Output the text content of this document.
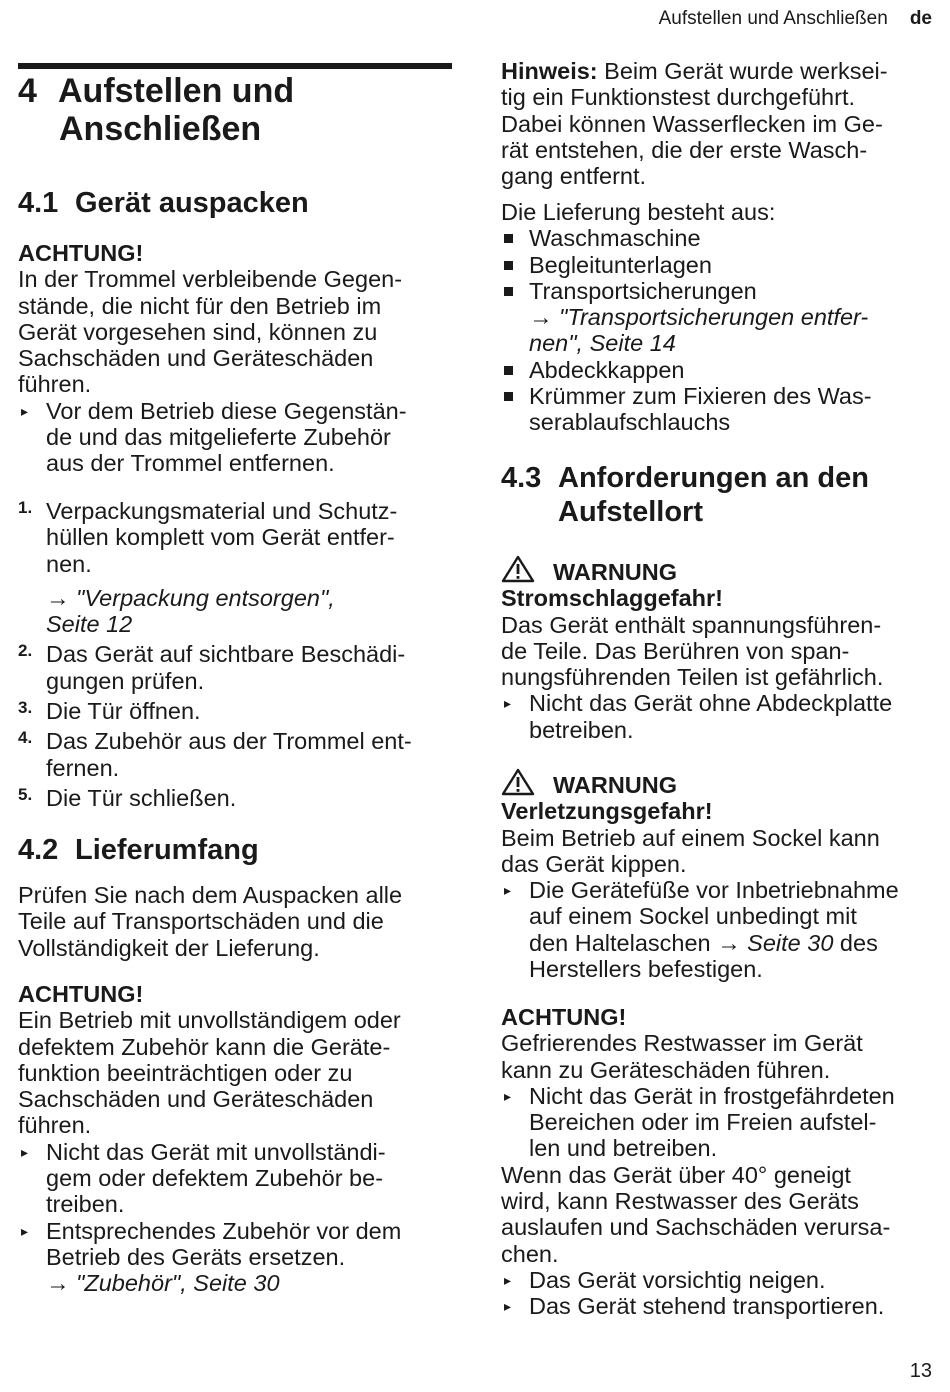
Aufstellen und Anschließen de
4 Aufstellen und
Anschließen
4.1 Gerät auspacken

ACHTUNG!

In der Trommel verbleibende Gegen-

stände, die nicht für den Betrieb im

Gerät vorgesehen sind, können zu

Sachschäden und Geräteschäden

führen.

▸ Vor dem Betrieb diese Gegenstän-

de und das mitgelieferte Zubehör

aus der Trommel entfernen.

1. Verpackungsmaterial und Schutz-

hüllen komplett vom Gerät entfer-

nen.

→ "Verpackung entsorgen",

Seite 12

2. Das Gerät auf sichtbare Beschädi-

gungen prüfen.

3. Die Tür öffnen.

4. Das Zubehör aus der Trommel ent-

fernen.

5. Die Tür schließen.

4.2 Lieferumfang

Prüfen Sie nach dem Auspacken alle

Teile auf Transportschäden und die

Vollständigkeit der Lieferung.

ACHTUNG!

Ein Betrieb mit unvollständigem oder

defektem Zubehör kann die Geräte-

funktion beeinträchtigen oder zu

Sachschäden und Geräteschäden

führen.

▸ Nicht das Gerät mit unvollständi-

gem oder defektem Zubehör be-

treiben.

▸ Entsprechendes Zubehör vor dem

Betrieb des Geräts ersetzen.

→ "Zubehör", Seite 30

Hinweis: Beim Gerät wurde werksei-

tig ein Funktionstest durchgeführt.

Dabei können Wasserflecken im Ge-

rät entstehen, die der erste Wasch-

gang entfernt.

Die Lieferung besteht aus:

Waschmaschine

Begleitunterlagen

Transportsicherungen

→ "Transportsicherungen entfer-

nen", Seite 14

Abdeckkappen

Krümmer zum Fixieren des Was-

serablaufschlauchs

4.3 Anforderungen an den
Aufstellort

WARNUNG

Stromschlaggefahr!

Das Gerät enthält spannungsführen-

de Teile. Das Berühren von span-

nungsführenden Teilen ist gefährlich.

▸ Nicht das Gerät ohne Abdeckplatte

betreiben.

WARNUNG

Verletzungsgefahr!

Beim Betrieb auf einem Sockel kann

das Gerät kippen.

▸ Die Gerätefüße vor Inbetriebnahme

auf einem Sockel unbedingt mit

den Haltelaschen → Seite 30 des

Herstellers befestigen.

ACHTUNG!

Gefrierendes Restwasser im Gerät

kann zu Geräteschäden führen.

▸ Nicht das Gerät in frostgefährdeten

Bereichen oder im Freien aufstel-

len und betreiben.

Wenn das Gerät über 40° geneigt

wird, kann Restwasser des Geräts

auslaufen und Sachschäden verursa-

chen.

▸ Das Gerät vorsichtig neigen.

▸ Das Gerät stehend transportieren.

13
